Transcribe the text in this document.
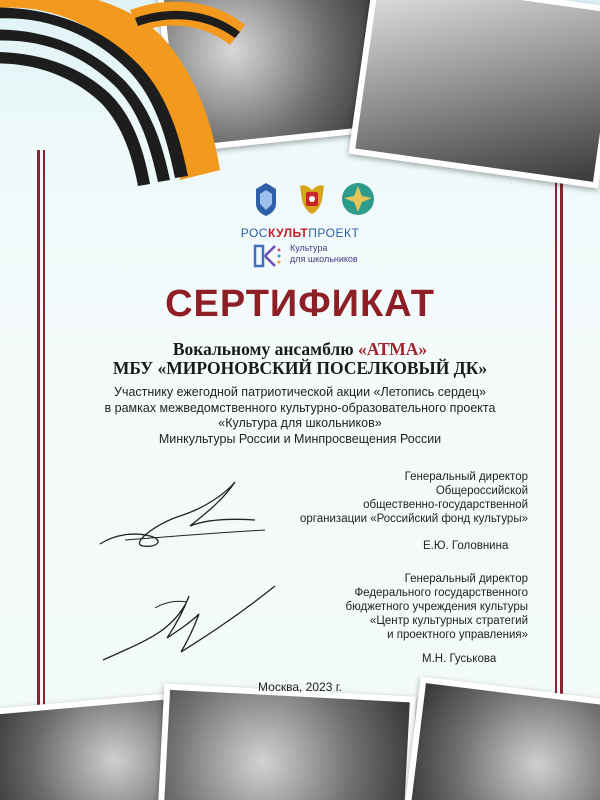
РОСКУЛЬТПРОЕКТ
Культура
для школьников
СЕРТИФИКАТ
Вокальному ансамблю «АТМА»
МБУ «МИРОНОВСКИЙ ПОСЕЛКОВЫЙ ДК»
Участнику ежегодной патриотической акции «Летопись сердец»
в рамках межведомственного культурно-образовательного проекта
«Культура для школьников»
Минкультуры России и Минпросвещения России
Генеральный директор
Общероссийской
общественно-государственной
организации «Российский фонд культуры»
Е.Ю. Головнина
Генеральный директор
Федерального государственного
бюджетного учреждения культуры
«Центр культурных стратегий
и проектного управления»
М.Н. Гуськова
Москва, 2023 г.
